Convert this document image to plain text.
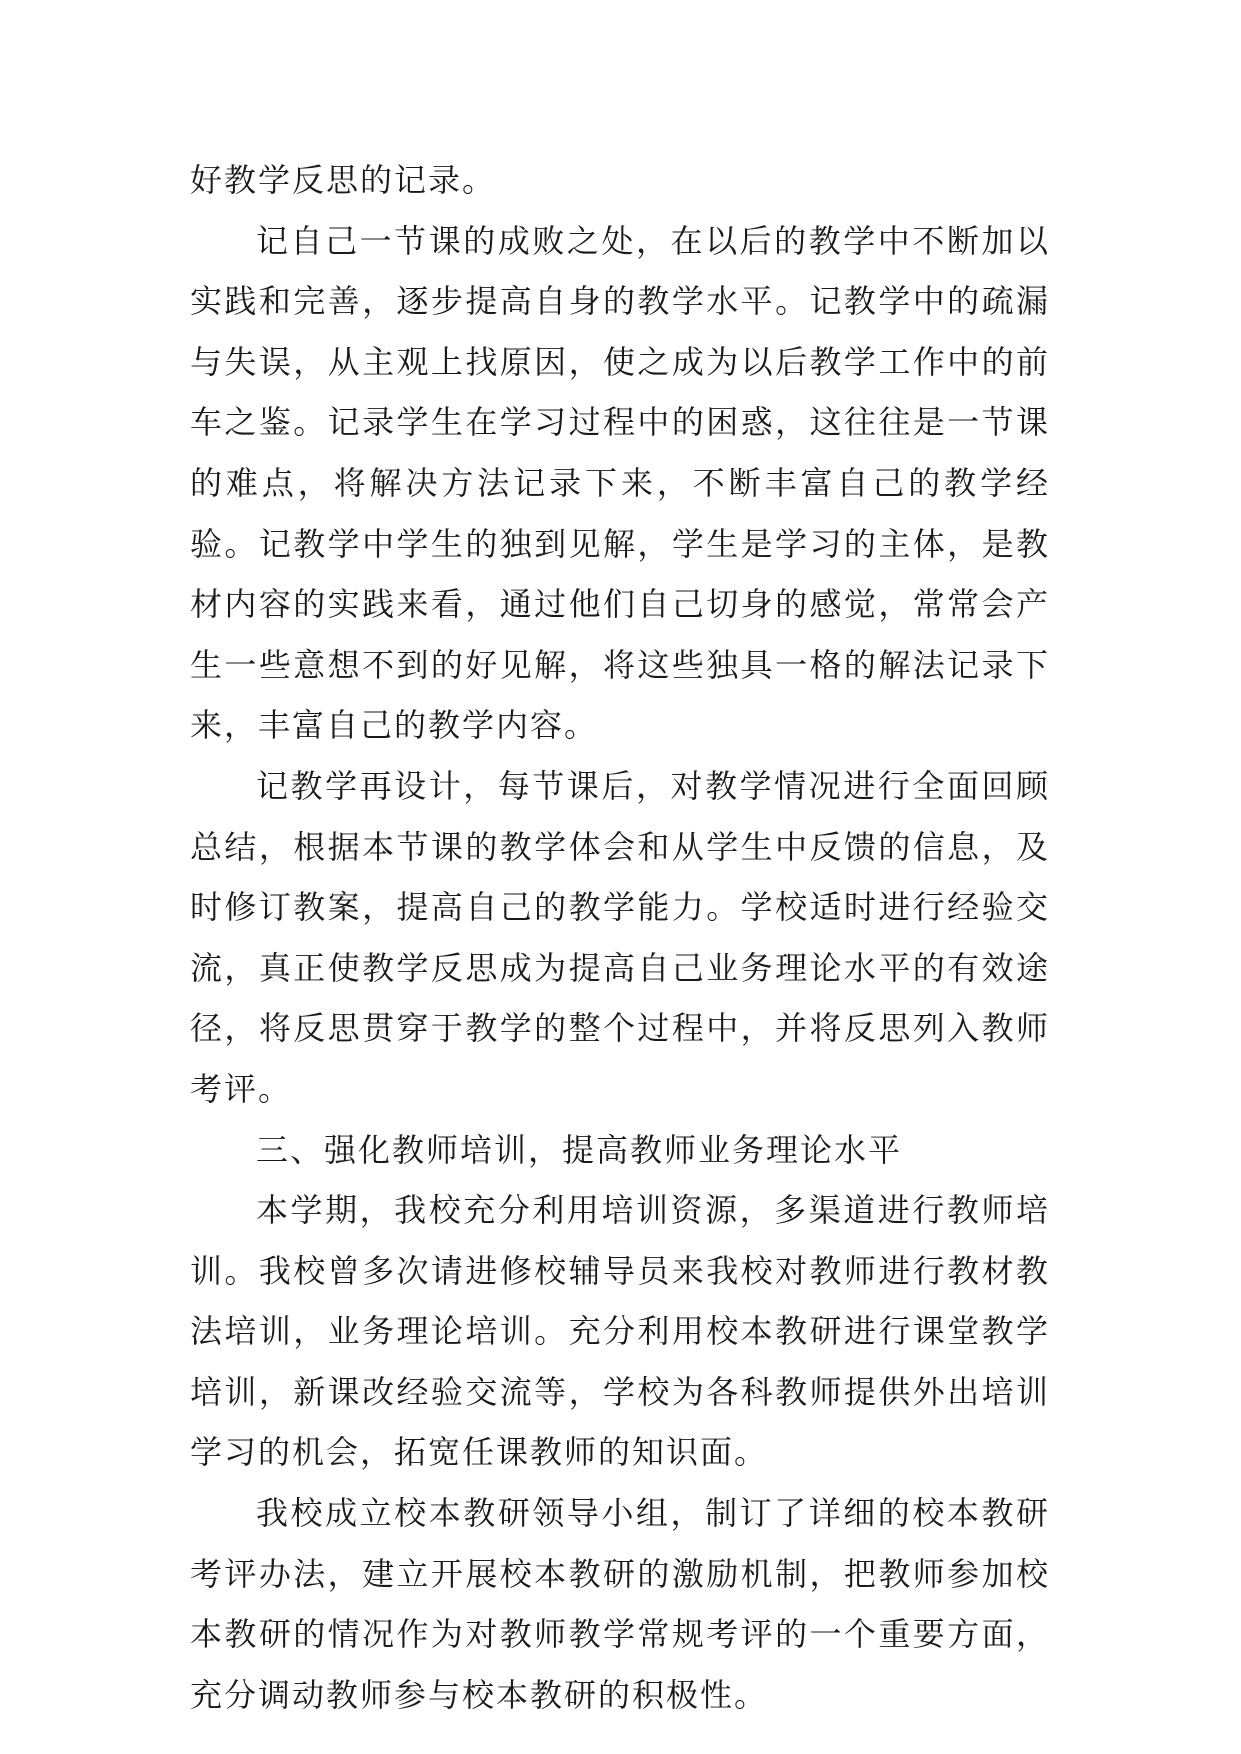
好教学反思的记录。

记自己一节课的成败之处，在以后的教学中不断加以实践和完善，逐步提高自身的教学水平。记教学中的疏漏与失误，从主观上找原因，使之成为以后教学工作中的前车之鉴。记录学生在学习过程中的困惑，这往往是一节课的难点，将解决方法记录下来，不断丰富自己的教学经验。记教学中学生的独到见解，学生是学习的主体，是教材内容的实践来看，通过他们自己切身的感觉，常常会产生一些意想不到的好见解，将这些独具一格的解法记录下来，丰富自己的教学内容。

记教学再设计，每节课后，对教学情况进行全面回顾总结，根据本节课的教学体会和从学生中反馈的信息，及时修订教案，提高自己的教学能力。学校适时进行经验交流，真正使教学反思成为提高自己业务理论水平的有效途径，将反思贯穿于教学的整个过程中，并将反思列入教师考评。

三、强化教师培训，提高教师业务理论水平

本学期，我校充分利用培训资源，多渠道进行教师培训。我校曾多次请进修校辅导员来我校对教师进行教材教法培训，业务理论培训。充分利用校本教研进行课堂教学培训，新课改经验交流等，学校为各科教师提供外出培训学习的机会，拓宽任课教师的知识面。

我校成立校本教研领导小组，制订了详细的校本教研考评办法，建立开展校本教研的激励机制，把教师参加校本教研的情况作为对教师教学常规考评的一个重要方面，充分调动教师参与校本教研的积极性。
